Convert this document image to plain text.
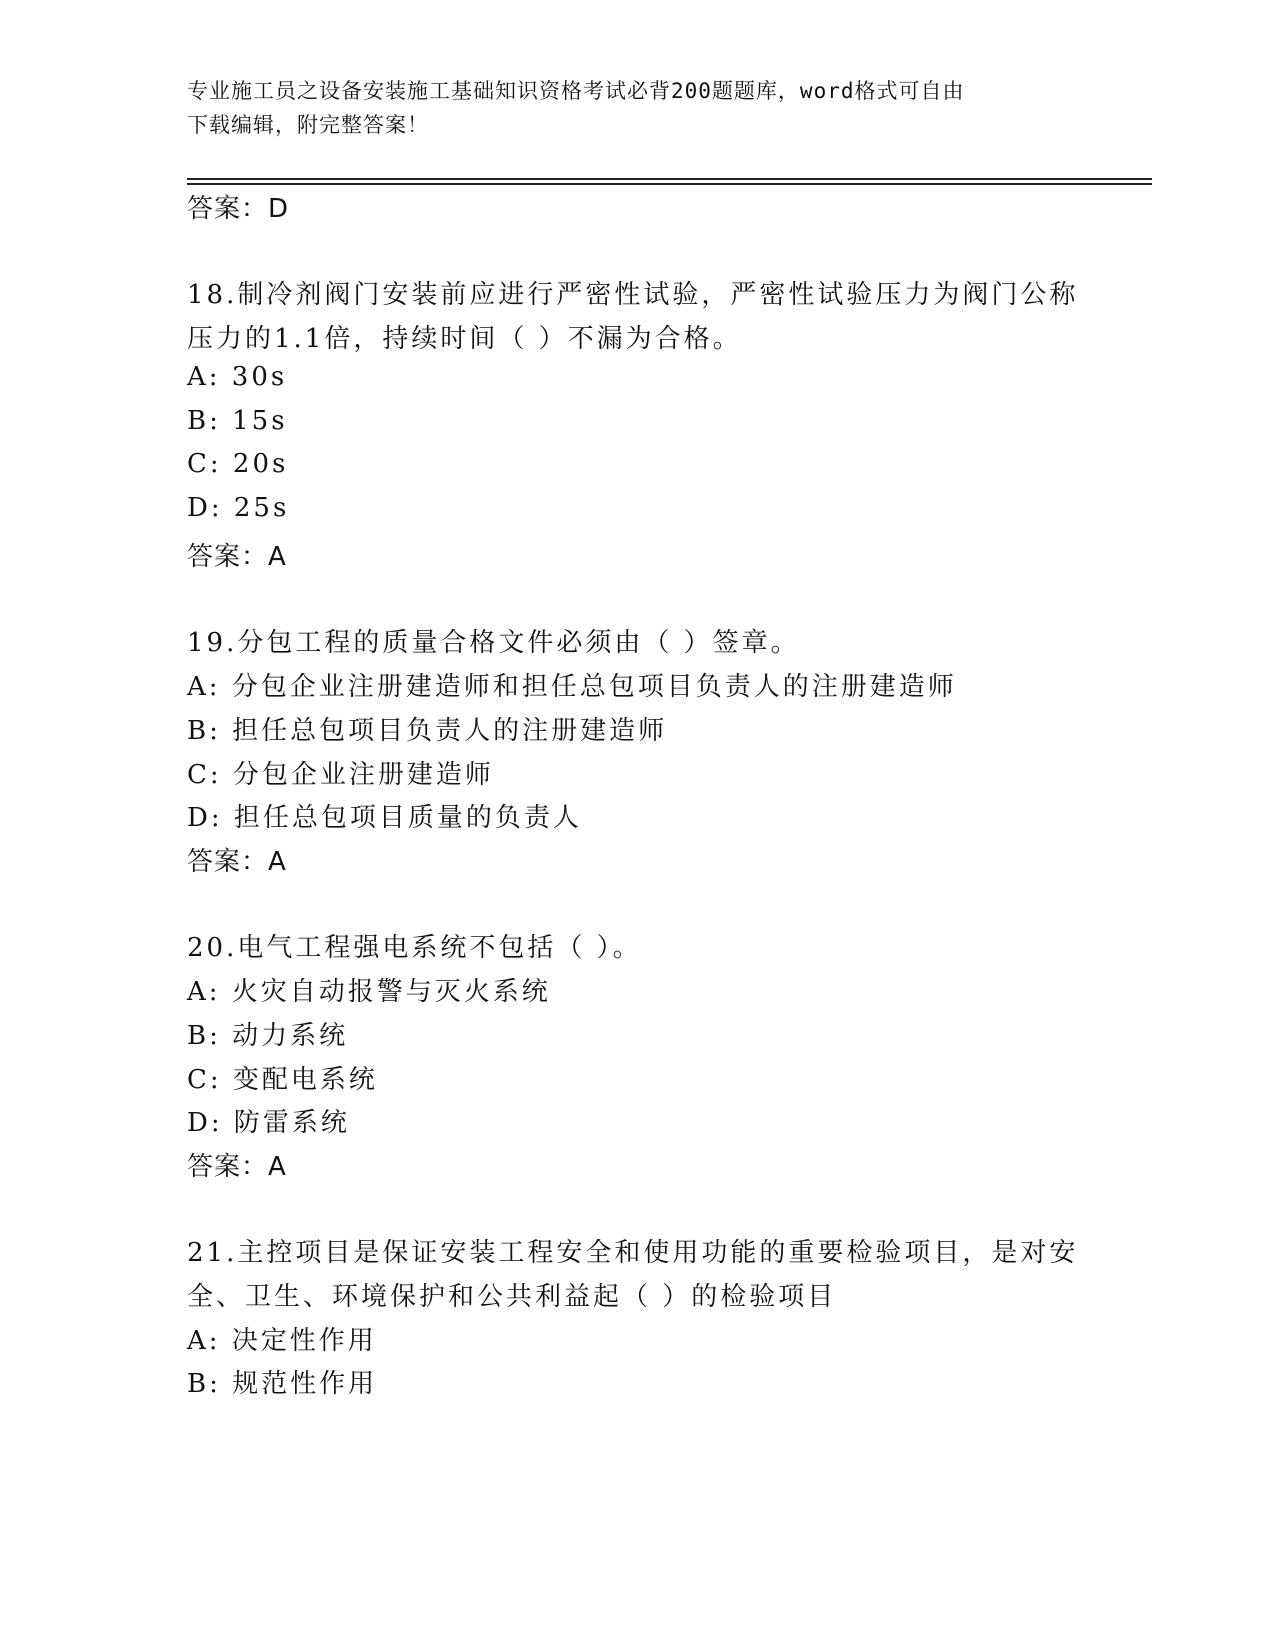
专业施工员之设备安装施工基础知识资格考试必背200题题库，word格式可自由
下载编辑，附完整答案！
答案：D
18.制冷剂阀门安装前应进行严密性试验，严密性试验压力为阀门公称
压力的1.1倍，持续时间（ ）不漏为合格。
A: 30s
B: 15s
C: 20s
D: 25s
答案：A
19.分包工程的质量合格文件必须由（ ）签章。
A: 分包企业注册建造师和担任总包项目负责人的注册建造师
B: 担任总包项目负责人的注册建造师
C: 分包企业注册建造师
D: 担任总包项目质量的负责人
答案：A
20.电气工程强电系统不包括（ ）。
A: 火灾自动报警与灭火系统
B: 动力系统
C: 变配电系统
D: 防雷系统
答案：A
21.主控项目是保证安装工程安全和使用功能的重要检验项目，是对安
全、卫生、环境保护和公共利益起（ ）的检验项目
A: 决定性作用
B: 规范性作用
